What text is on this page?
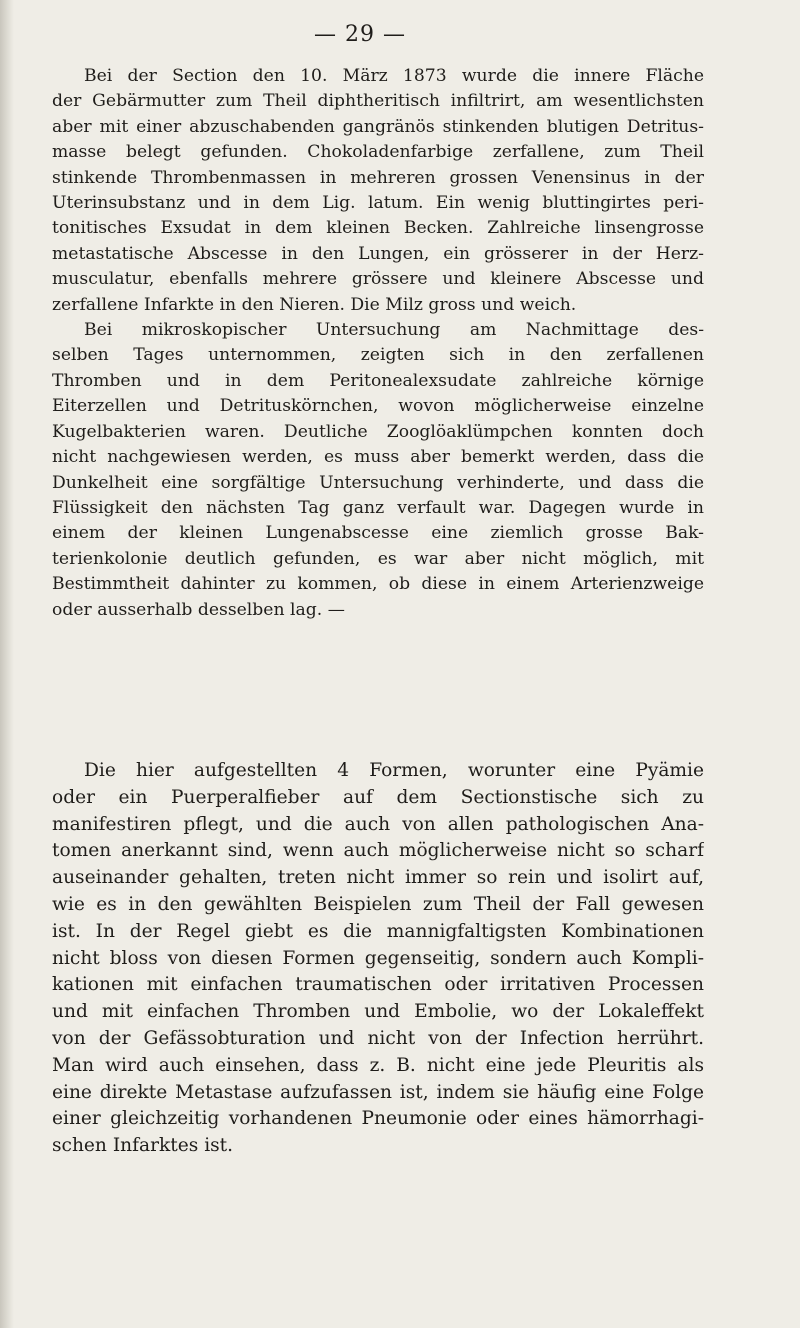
— 29 —
Bei der Section den 10. März 1873 wurde die innere Fläche
der Gebärmutter zum Theil diphtheritisch infiltrirt, am wesentlichsten
aber mit einer abzuschabenden gangränös stinkenden blutigen Detritus-
masse belegt gefunden. Chokoladenfarbige zerfallene, zum Theil
stinkende Thrombenmassen in mehreren grossen Venensinus in der
Uterinsubstanz und in dem Lig. latum. Ein wenig bluttingirtes peri-
tonitisches Exsudat in dem kleinen Becken. Zahlreiche linsengrosse
metastatische Abscesse in den Lungen, ein grösserer in der Herz-
musculatur, ebenfalls mehrere grössere und kleinere Abscesse und
zerfallene Infarkte in den Nieren. Die Milz gross und weich.
Bei mikroskopischer Untersuchung am Nachmittage des-
selben Tages unternommen, zeigten sich in den zerfallenen
Thromben und in dem Peritonealexsudate zahlreiche körnige
Eiterzellen und Detrituskörnchen, wovon möglicherweise einzelne
Kugelbakterien waren. Deutliche Zooglöaklümpchen konnten doch
nicht nachgewiesen werden, es muss aber bemerkt werden, dass die
Dunkelheit eine sorgfältige Untersuchung verhinderte, und dass die
Flüssigkeit den nächsten Tag ganz verfault war. Dagegen wurde in
einem der kleinen Lungenabscesse eine ziemlich grosse Bak-
terienkolonie deutlich gefunden, es war aber nicht möglich, mit
Bestimmtheit dahinter zu kommen, ob diese in einem Arterienzweige
oder ausserhalb desselben lag. —
Die hier aufgestellten 4 Formen, worunter eine Pyämie
oder ein Puerperalfieber auf dem Sectionstische sich zu
manifestiren pflegt, und die auch von allen pathologischen Ana-
tomen anerkannt sind, wenn auch möglicherweise nicht so scharf
auseinander gehalten, treten nicht immer so rein und isolirt auf,
wie es in den gewählten Beispielen zum Theil der Fall gewesen
ist. In der Regel giebt es die mannigfaltigsten Kombinationen
nicht bloss von diesen Formen gegenseitig, sondern auch Kompli-
kationen mit einfachen traumatischen oder irritativen Processen
und mit einfachen Thromben und Embolie, wo der Lokaleffekt
von der Gefässobturation und nicht von der Infection herrührt.
Man wird auch einsehen, dass z. B. nicht eine jede Pleuritis als
eine direkte Metastase aufzufassen ist, indem sie häufig eine Folge
einer gleichzeitig vorhandenen Pneumonie oder eines hämorrhagi-
schen Infarktes ist.
